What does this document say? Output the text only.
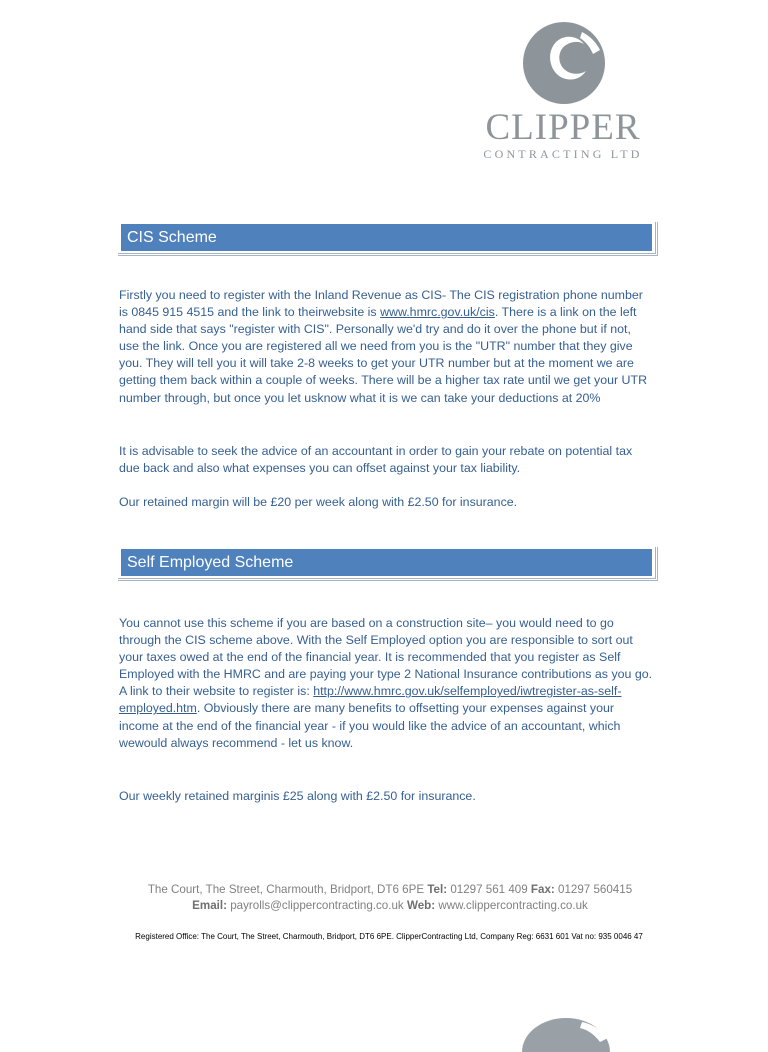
CLIPPER
CONTRACTING LTD
CIS Scheme

Firstly you need to register with the Inland Revenue as CIS- The CIS registration phone number is 0845 915 4515 and the link to theirwebsite is www.hmrc.gov.uk/cis. There is a link on the left hand side that says "register with CIS". Personally we'd try and do it over the phone but if not, use the link. Once you are registered all we need from you is the "UTR" number that they give you. They will tell you it will take 2-8 weeks to get your UTR number but at the moment we are getting them back within a couple of weeks. There will be a higher tax rate until we get your UTR number through, but once you let usknow what it is we can take your deductions at 20%

It is advisable to seek the advice of an accountant in order to gain your rebate on potential tax due back and also what expenses you can offset against your tax liability.

Our retained margin will be £20 per week along with £2.50 for insurance.

Self Employed Scheme

You cannot use this scheme if you are based on a construction site– you would need to go through the CIS scheme above. With the Self Employed option you are responsible to sort out your taxes owed at the end of the financial year. It is recommended that you register as Self Employed with the HMRC and are paying your type 2 National Insurance contributions as you go. A link to their website to register is: http://www.hmrc.gov.uk/selfemployed/iwtregister-as-self-employed.htm. Obviously there are many benefits to offsetting your expenses against your income at the end of the financial year - if you would like the advice of an accountant, which wewould always recommend - let us know.

Our weekly retained marginis £25 along with £2.50 for insurance.

The Court, The Street, Charmouth, Bridport, DT6 6PE Tel: 01297 561 409 Fax: 01297 560415
Email: payrolls@clippercontracting.co.uk Web: www.clippercontracting.co.uk
Registered Office: The Court, The Street, Charmouth, Bridport, DT6 6PE. ClipperContracting Ltd, Company Reg: 6631 601 Vat no: 935 0046 47
